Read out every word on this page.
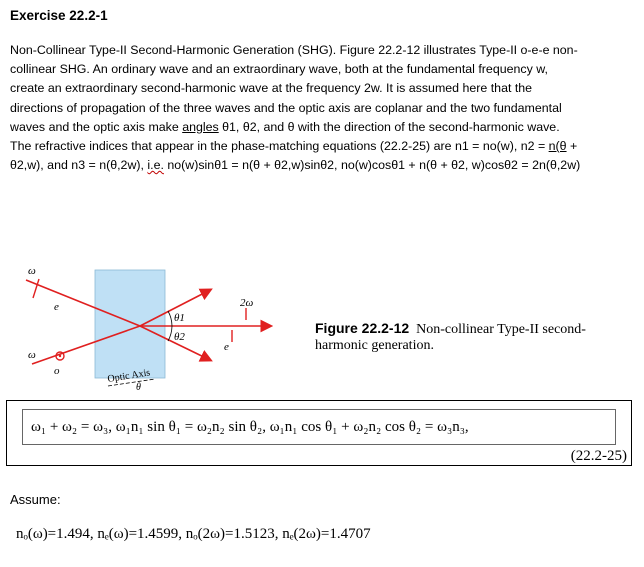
Exercise 22.2-1

Non-Collinear Type-II Second-Harmonic Generation (SHG). Figure 22.2-12 illustrates Type-II o-e-e non-

collinear SHG. An ordinary wave and an extraordinary wave, both at the fundamental frequency w,

create an extraordinary second-harmonic wave at the frequency 2w. It is assumed here that the

directions of propagation of the three waves and the optic axis are coplanar and the two fundamental

waves and the optic axis make angles θ1, θ2, and θ with the direction of the second-harmonic wave.

The refractive indices that appear in the phase-matching equations (22.2-25) are n1 = no(w), n2 = n(θ +

θ2,w), and n3 = n(θ,2w), i.e. no(w)sinθ1 = n(θ + θ2,w)sinθ2, no(w)cosθ1 + n(θ + θ2, w)cosθ2 = 2n(θ,2w)

ω
e
ω
o
θ1
θ2
2ω
e
Optic Axis
θ
Figure 22.2-12 Non-collinear Type-II second-
harmonic generation.
ω₁ + ω₂ = ω₃, ω₁n₁ sin θ₁ = ω₂n₂ sin θ₂, ω₁n₁ cos θ₁ + ω₂n₂ cos θ₂ = ω₃n₃,
(22.2-25)
Assume:
nₒ(ω)=1.494, nₑ(ω)=1.4599, nₒ(2ω)=1.5123, nₑ(2ω)=1.4707
